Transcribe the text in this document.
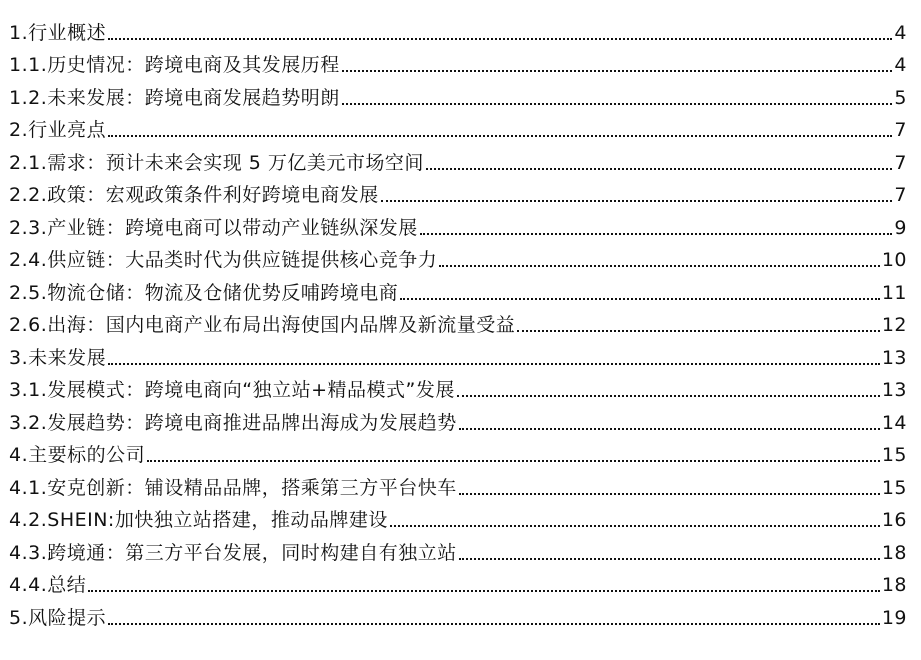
1.行业概述	4
1.1.历史情况：跨境电商及其发展历程	4
1.2.未来发展：跨境电商发展趋势明朗	5
2.行业亮点	7
2.1.需求：预计未来会实现 5 万亿美元市场空间	7
2.2.政策：宏观政策条件利好跨境电商发展	7
2.3.产业链：跨境电商可以带动产业链纵深发展	9
2.4.供应链：大品类时代为供应链提供核心竞争力	10
2.5.物流仓储：物流及仓储优势反哺跨境电商	11
2.6.出海：国内电商产业布局出海使国内品牌及新流量受益	12
3.未来发展	13
3.1.发展模式：跨境电商向“独立站+精品模式”发展	13
3.2.发展趋势：跨境电商推进品牌出海成为发展趋势	14
4.主要标的公司	15
4.1.安克创新：铺设精品品牌，搭乘第三方平台快车	15
4.2.SHEIN:加快独立站搭建，推动品牌建设	16
4.3.跨境通：第三方平台发展，同时构建自有独立站	18
4.4.总结	18
5.风险提示	19
